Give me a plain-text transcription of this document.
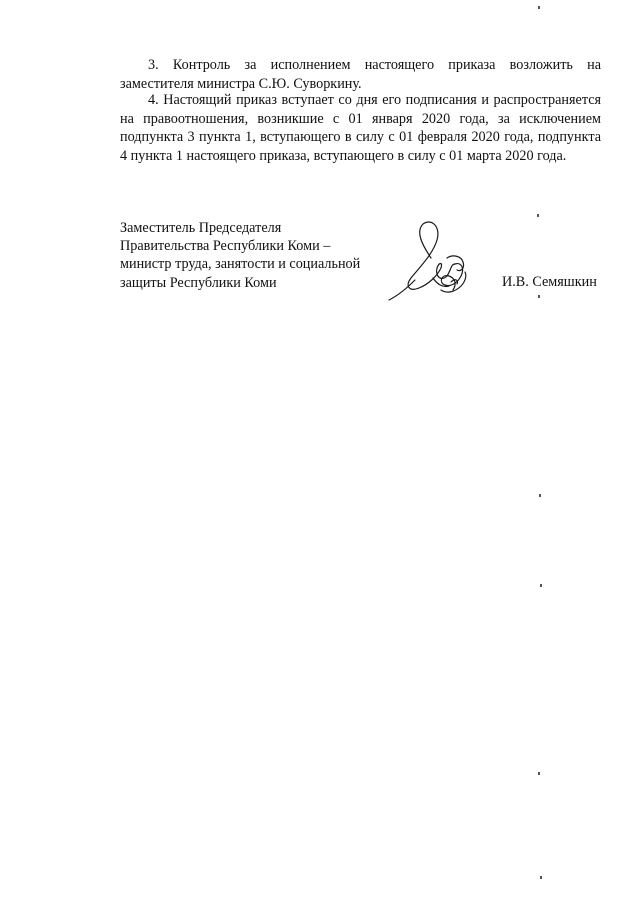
3. Контроль за исполнением настоящего приказа возложить на заместителя министра С.Ю. Суворкину.

4. Настоящий приказ вступает со дня его подписания и распространяется на правоотношения, возникшие с 01 января 2020 года, за исключением подпункта 3 пункта 1, вступающего в силу с 01 февраля 2020 года, подпункта 4 пункта 1 настоящего приказа, вступающего в силу с 01 марта 2020 года.

Заместитель Председателя
Правительства Республики Коми –
министр труда, занятости и социальной
защиты Республики Коми	И.В. Семяшкин
